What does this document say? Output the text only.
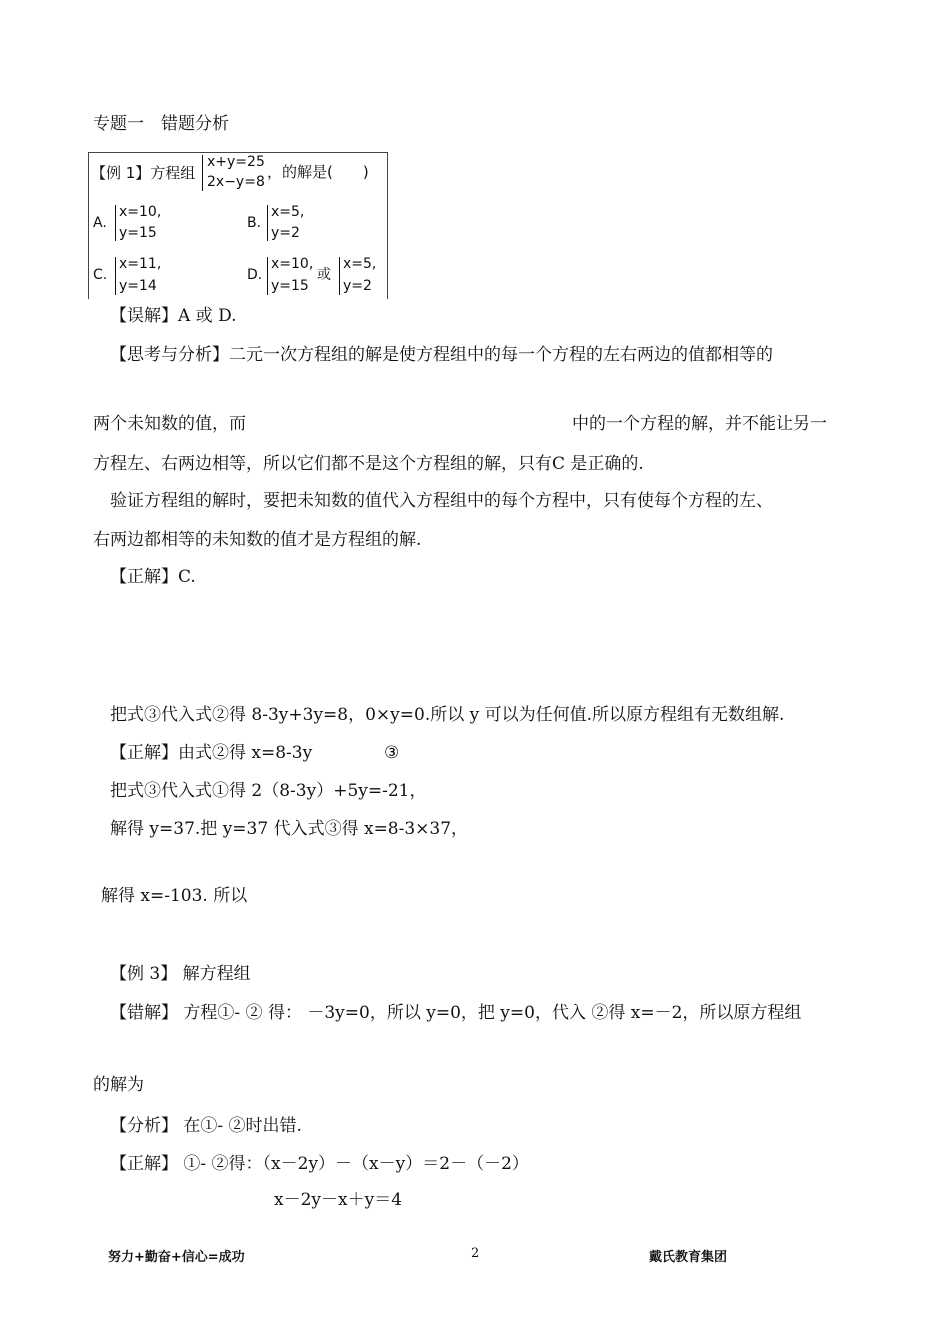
专题一　错题分析
【例 1】方程组
x+y=25
2x−y=8
，的解是(　　)
A.
x=10,
y=15
B.
x=5,
y=2
C.
x=11,
y=14
D.
x=10,
y=15
或
x=5,
y=2
【误解】A 或 D.
【思考与分析】二元一次方程组的解是使方程组中的每一个方程的左右两边的值都相等的
两个未知数的值，而	中的一个方程的解，并不能让另一
方程左、右两边相等，所以它们都不是这个方程组的解，只有C 是正确的.
验证方程组的解时，要把未知数的值代入方程组中的每个方程中，只有使每个方程的左、
右两边都相等的未知数的值才是方程组的解.
【正解】C.
把式③代入式②得 8-3y+3y=8，0×y=0.所以 y 可以为任何值.所以原方程组有无数组解.
【正解】由式②得 x=8-3y	③
把式③代入式①得 2（8-3y）+5y=-21，
解得 y=37.把 y=37 代入式③得 x=8-3×37，
解得 x=-103. 所以
【例 3】 解方程组
【错解】 方程①- ② 得： －3y=0，所以 y=0，把 y=0，代入 ②得 x=－2，所以原方程组
的解为
【分析】 在①- ②时出错.
【正解】 ①- ②得：（x－2y）－（x－y）＝2－（－2）
x－2y－x＋y＝4
努力+勤奋+信心=成功	2	戴氏教育集团
